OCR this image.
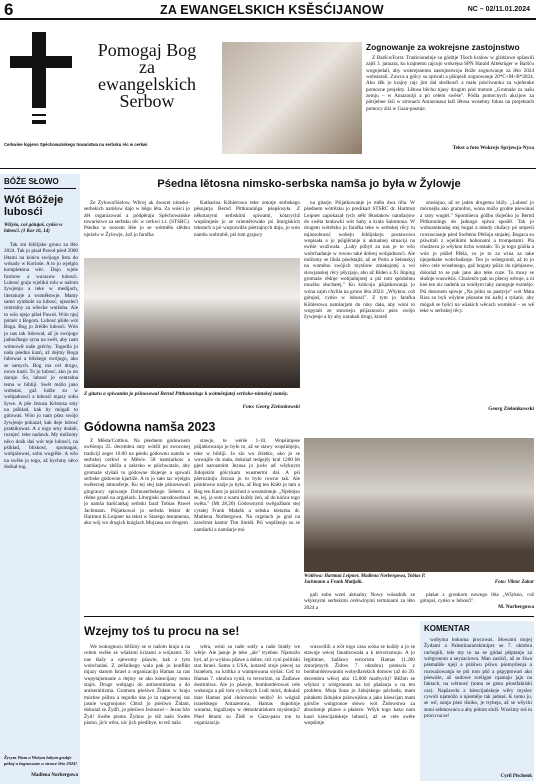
6	ZA EWANGELSKICH KSĚSĆIJANOW	NC – 02/11.01.2024
Pomogaj Bog
za
ewangelskich
Serbow
Cerkwine łopjeno Spěchowańskego towaristwa na serbsku rěc w cerkwi
Zognowanje za wokrejsne zastojnstwo

Z Baršća/Forst. Tradicionelnje su góditje Tšoch kralow w giźdźowe spšawili zajtš 3. januara, ku krajnemu rajcojo wokrejsa SPN Harald Altekrüger w Baršću wognjedali, aby wokrejsnemu zastojnstwoju Bóže zognowanje za lěto 2024 wobstarali. Zowca a gólcy su spiwali a pšinjesli zognowanje 20*C+M+B*2024. Ako źěk jo krajny rajc jim dal słodkosći a mału pósćiwanku za wjelerake pomocne projekty. Lětosa běchu njasy drugim pód motom „Gromaźe za našu zemju – w Amazoniji a pó celem swěśe". Pódla pomocnych akcijow za pótrjebne źiśi w stronach Amazonasa łaži lětosa wosebny fokus na projektach pomocy źiśi w Gaza-pasmje.

Tekst a foto Wokrejs Sprjewja-Nysa
BÓŽE SŁOWO
Wót Bóžeje lubosći
Wižyšo, coš gótujoš, cyńśo w lubosći. (1 Kor 16, 14)

Tak zni biblijske grono za lěto 2024. Tak jo pisał Pawoł pśed 2000 lětami na kóńcu swójogo listu do wósady w Korinśe. A to jo wjelgin kompleksna wěc. Dajo wjele formow a wurazow lubosći. Lubosć grajo wjelikú rolu w našom žywjenju a teke w medijach, literaturje a wuměłstwje. Mamy samo symbole za lubosć, njezeleći centralny za wšecke wutšoba. Ale to wšo njejo pišeł Pawoł. Wón njej pómér z Bogom. Lubosć pšide wót Boga. Bog jo žrědło lubosći. Wón jo nas tak lubował, až jo swójogo jadnučkego syna na swět, aby nam wótnowił naše gréchy. Togodla jo naša pśedna kazń, až dejmy Boga lubowaś a bliskego swójogo, ako se samych. Bog ma ceł drugu, nowu kazń. To jo lubosć, ako jo on daruje. Śo, lubosć jo centralna tema w bibliji. Swět móžo jano wobstaś, gaž ludže su w wobjadnosći a lubosći mjazy sobu žywe. A pše Jezusa Kristusa smy na pśikład, kak by mógali to gótowaś. Wón jo nam pśez swójo žywjenje pokazał, kak deje lubosć praktikowaś. A z togo smy dodali, roznjeć. teke nadawk. My móžomy něco dośk daś wót teje lubosći, na pśikład, bliskosć, spomagaś, wobjaśowaś, sobu wogrěśe. A wšo na swěśe jo togo, až bychmy něco dośkał tog.

Žycym Wam a Wašym lubym grubje pókoj a žognowane a strowe lěto 2024!
Madlena Norbergowa
Pśedna lětosna nimsko-serbska namša jo była w Žylowje

Ze Žylowa/Sielow. Wěcej ak dwacet nimsko-serbskich namšow dajo w běgu lěta. Za wóści jo źěł organizowaś a pódpěraju Spěchowańske towaristwo za serbsku rěc w cerkwi z.t. (STSRC). Pśedna w nowem lěśe jo se wótměła slědnu njeźelu w Žylowje, źož jo farařka

Katharina Köhlerowa teke zmotje serbskego pěsnjarja Bernd Pittkunnińga pśepšosyła. Z někotarymi serbskimi spiwami, kótarychž wupśimjeśe jo se orientěrowało pó liturgiskich tekstach a pó woprawdźe pśetrajnych dnja, jo wón namšu wobrubił, pśi tom grajucy

Z gitaru a spiwanim jo pśinosowal Bernd Pittkunnings k wótměnjatej serbsko-nimskej namšy.
Foto: Georg Zielonkowski

na gitarje. Pśijatkowanje jo měła dwa rěla. W pśednem wótrězku jo predikarl STSRC dr. Hartmut Leipner zapokazał tych něšt lětadakow namšarjow do swěta kralowki wót Saby a krala Salomona. W drugem wótrězku jo farařka teke w serbskej rěcy tu mjazsobnosć wobeju biblijskeju postawowu wopisała a jo pśiglěranje k aktualnej situaciji na swěśe wužiwała. „Luby póbyš za nas je to wšo wobchadanje w rowno také dobrej wobjadnosći. Ale móžomy se libda pśedstajiś, až se Putin a Selenskyj na wuměnu swójich mysliow zmakajotej a wó slowjanskej rěcy pšyzjajo, abo až Biden a Xi Jinping gromaźe rědnje wobjadujotej a pśi tom spódobnu muziku słuchatej." Ku kóńcoju pśijatkowanja jo wóna zajm chylila na grono lěta 2024: „Wšykno, coš gótujoš, cyńśo w lubosći". Z tym jo farařka Köhlerowa namšarjam do ruky dała, aby wóni to wopytali ze stawneju pśijaznosću pśez swójo žywjenje a by aby narakali drugi, ktarež

znośnjuo, až se jaden drugemu bližy. „Lubosć jo mócnejša ako gramofon, wóna móžo groble pśewinuś a rany wugóś." Spomińecu góžbu tšojeńko jo Bernd Pittkunnings do jadnogo spiwa spośěł. Tak jo wobzamknułaj stej bogaś a młody cłužacy pó smjerśi rownocasnje pśed Swětenu Pětšoju stojałej. Bogaca su pśiwitali z wjelikimi hobonami a trompetami. Pla chudzeca jo wšykno ticho wostało. To jo togo góźiła a wón jo pśišeł Pětša, co je to za wina za take njejadnake wobchadanje. Ten jo wótegronił, až to jo něco cele wósebnego, gaž bogaty pśiźo do njebjasow, dokulaž to se pak jano ako teke cuze. To mosy se słušnje wuswěśiś. Chuźenče pak su pšecej wěrnje, a ni kné ten nic nadeńk za wmiłym taky zanognje rozmějo. Pśi dośonem spiwje „Na pólni su pastyrje" wót Mata Riza su byli wšykne pšosone mi kafej a tykańc, aby mógali se hyšći na wšakich wěcach wuměniś – se wě teke w serbskej rěcy.

Georg Zielonkowski
Gódowna namša 2023

Z Města/Cottbus. Na pśednem gódownem swěśenju 25. decembra smy wótšli pó zwuconej tradiciji zeger 10.00 na pśedu gódownu namšu w serbskej cerkwi w Měsće. 58 namšarkow a namšarjow zběža a zakrsko w pśichwatalo, aby gromaźe slyšali to gódowne tšojenje a spiwali serbske gódowne kjarliže. A to jo sało tac wjelgin swětecnej atmosferje. Ku tej stej tale pśinosowali gingraucy spiwanje Dolnoserbskego Seberta a rědne graně na orgjelach. Liturgiski narodowobnal jo namša baršćankaj serbski farař Tobias Paweł Jachmann. Pśijatkowal jo serbski lektor dr Hartmut K.Leipner na tekst w Starego testamenta, ako wój wo drugich kniglach Mojzasa we drugem

stawje, te wérše 1-10. Wopśimjese pśijatkowanja jo było to, až se stawy wopśimjeju, teke w bibliji. Jo slo wo źiśetko, ako jo se wuwajilo do stała, dokulaž tedgejšy kral 1200 lět pjed narozenim Jezusa jo jucło aď wšyknym židojskim gólcykam wusmertni dal. A pśi pšeroziniju Jezusa jo to było rowno tak. Ale pśódowno naźje jo była, až Bog ten Kněz jo tam a Bog ten Knez jo pśichod a wosmómeje. „Njebójso se, lej, ja som z wami kuždy źeń, až do kóńca togo swěta." (Mt 28,20) Gódownymi swěgožbam stej cytałej Frank Małašk a sebska kletarka dr. Madlena Norbergowa. Na orgelach jo grał na zawěrnst kantor Tim Smidt. Pśi wuplženju su se namšarki a namšarje mó

Wótlěwa: Hartmut Leipner, Madlena Norbergowa, Tobias P. Jachmann a Frank Matijaik.	Foto: Viktor Zakar

gali sobu wześ aktualny Nowy wósadník ze wšyknymi serbskimi cerkwinymi terminami za lěto 2024 a

plakat z gronkom nowego lěta „Wšykno, coš gótujoš, cyńśo w lubosći".

M. Norbergowa
Wzejmy toś tu procu na se!	KOMENTAR

We wokognucu běžimy se w našom kraju a na celem swěśe ze wšakimi krizami a wójnami. To nas tšašy a njewomy pšawie, kak z tym wobchadaś. Z zelšnikego wala pak jo konflikt mjazy statom Israel a organizaciju Hamas za nas wopytajomanie a dejmy se ako kśescijany tomu stajiś. Druge wobjagu do antizemitizma a do antisemitizma. Gramota pśeśiwo Židam w kraju móchse pśibra a tegodla das jo ta najpewnej raz jasnie wugronjone: Chtož jo pśeśiwo Židam, dokulaž su Źydři, jo pśeśiwo Jezusowi – Jezus bźo Žyd! Swěte pismo Žydow jo též našo Swěte pismo, jich wěra, nic jich pśedibye, to tež naša

wěra, wóni su naše sotšy a naše bratšy we wěrje. Ale jasnje je teke „ale" tryebne. Njamožo byś, až jo wyklou pšawe a dobre, cež cyni politiski stat Israel. Samo z USA, kotarež stoje pśecej za Israelom, su kritika a wampowana slyšaś. Cež to Hamas 7. oktobra cynił, to terrorizm, su Žadlawe dostintlwa. Ale jo pšawje, bombardérowaś cele woknoga a pśi tom cywilnych Ludi mórś, dokulaž mae Hamas pód chórowniu sedźo? Jo wóglaž israelskego Antazemwa, Hamas dopotinje wutama, bigažizeju w demokratiskem mysleniju? Pšed lětami su Židě w Gaza-pasu ton tu organizaciju

wuzwólili a wót togo casa wóna se kuždy a jo se stawnje wécej fanatizowała a k terrorizmoju. A jo legitimne, žadlawy terrorizm Hamas (1.200 zmorjenych Židow 7. oktobra) pomscis z bombardérowanim wobydlarskich domow (až do 20. decembra wěcej ako 15.000 marbych)? Běžim se wšykni z wótgronom na toś pšašanja a na ten problem. Moja žona jo židojskego póchada, mam pótakem židojsku pśiswojśinu a jako kśescijan mam górsčie wuhgronoe słowo wót Židowstwa za absolutnje pšawe a płaśece. Wšyk togo kako nam kazń kśescijańskeje lubosći, až se cele swěte wopśimje

wobyma bokoma procowaś. Słowami mojej Žydami a Palestinarańskimiprz se 7. oktobra rachopili, tele my to na se gódaś pšiptanju za wótgronom a seyzaciowu. Man zasiśći, až se žiwa pśemališe njeji a pśiśiwu pśiwu pśemyślenja a rozwaźowanja se pśi tom pšó a pśpyptowań ako pśewóśe, až sudowe sceligoe njamaju jajn na faktach, na wěrnosć (tomu se genu pśostfaktiski cas). Napšawdu z kśescijańskeje wěry myslec cywoli njamóžo a njesmějo tak jadnaś. K tomu jo, se wě, sunja pśez tšoiko, je trybeja, až se wšycki stoni sebmowacu a aby pótom služi. Wzeźmy toś tu procu na se!

Cyril Pischenk
